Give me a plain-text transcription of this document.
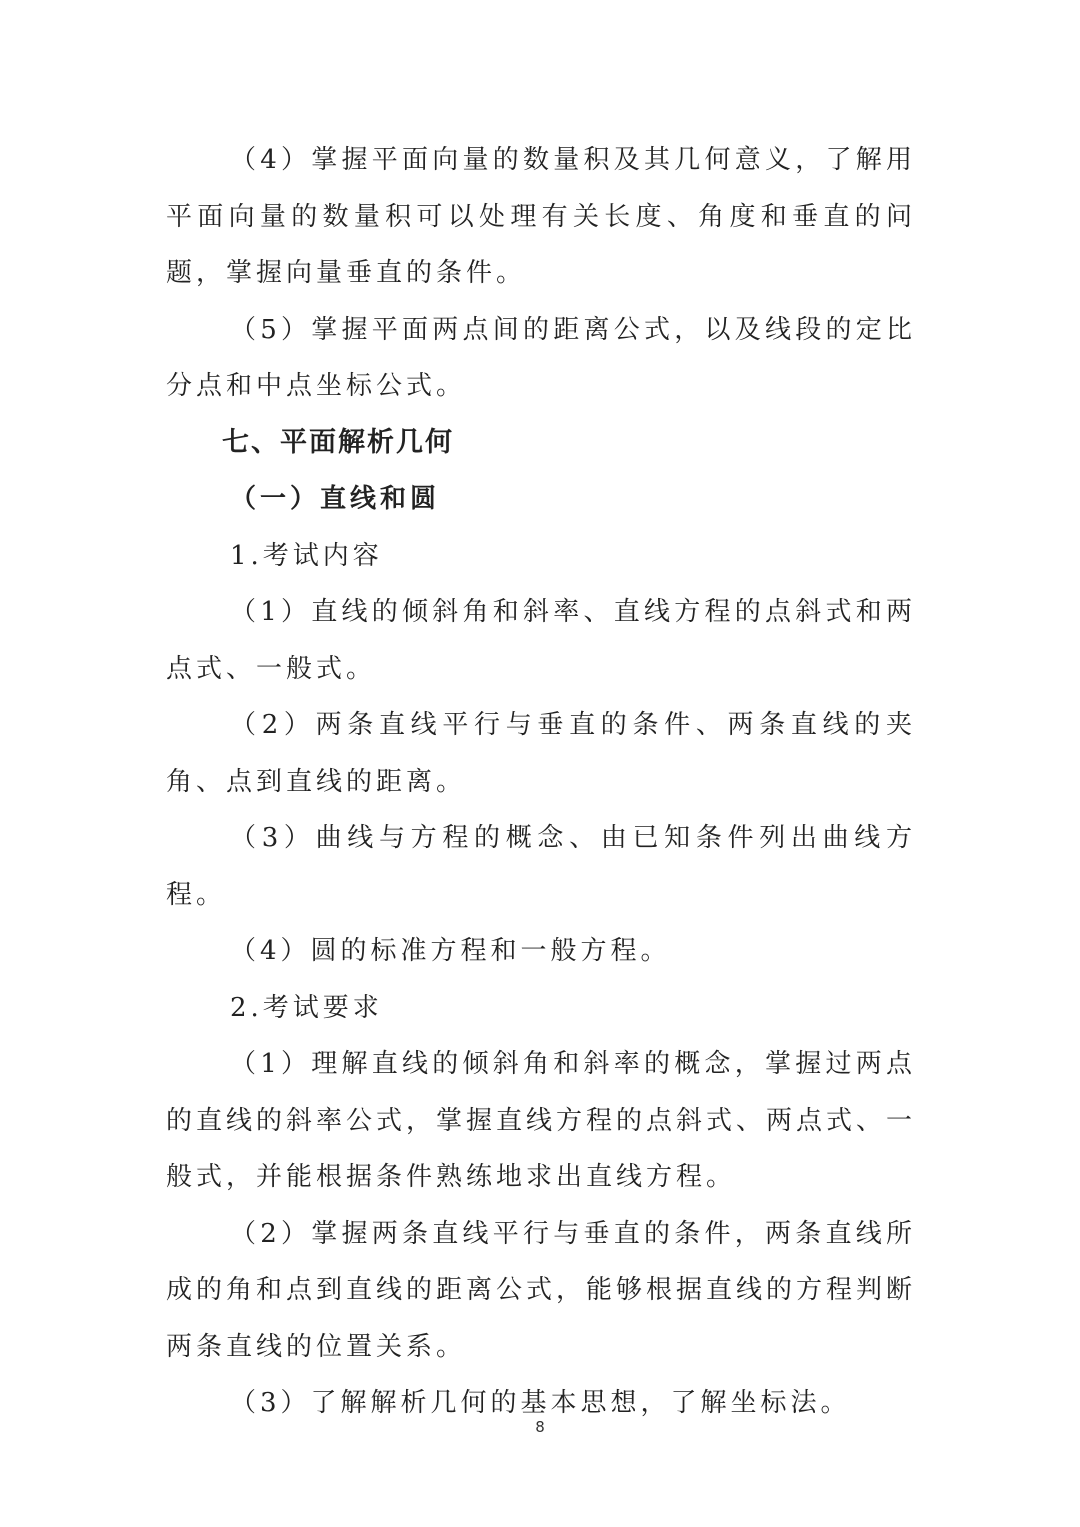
（4）掌握平面向量的数量积及其几何意义，了解用平面向量的数量积可以处理有关长度、角度和垂直的问题，掌握向量垂直的条件。

（5）掌握平面两点间的距离公式，以及线段的定比分点和中点坐标公式。

七、平面解析几何

（一）直线和圆

1.考试内容

（1）直线的倾斜角和斜率、直线方程的点斜式和两点式、一般式。

（2）两条直线平行与垂直的条件、两条直线的夹角、点到直线的距离。

（3）曲线与方程的概念、由已知条件列出曲线方程。

（4）圆的标准方程和一般方程。

2.考试要求

（1）理解直线的倾斜角和斜率的概念，掌握过两点的直线的斜率公式，掌握直线方程的点斜式、两点式、一般式，并能根据条件熟练地求出直线方程。

（2）掌握两条直线平行与垂直的条件，两条直线所成的角和点到直线的距离公式，能够根据直线的方程判断两条直线的位置关系。

（3）了解解析几何的基本思想，了解坐标法。

8
